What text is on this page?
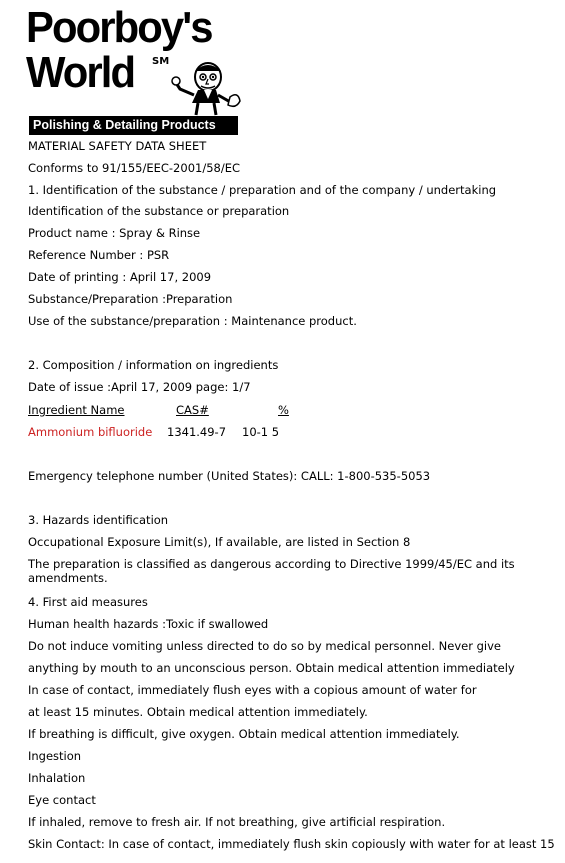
Poorboy's
World SM
Polishing & Detailing Products
MATERIAL SAFETY DATA SHEET
Conforms to 91/155/EEC-2001/58/EC
1. Identification of the substance / preparation and of the company / undertaking
Identification of the substance or preparation
Product name : Spray & Rinse
Reference Number : PSR
Date of printing : April 17, 2009
Substance/Preparation :Preparation
Use of the substance/preparation : Maintenance product.
2. Composition / information on ingredients
Date of issue :April 17, 2009 page: 1/7
Ingredient Name	CAS#	%
Ammonium bifluoride 1341.49-7 10-1 5
Emergency telephone number (United States): CALL: 1-800-535-5053
3. Hazards identification
Occupational Exposure Limit(s), If available, are listed in Section 8
The preparation is classified as dangerous according to Directive 1999/45/EC and its amendments.
4. First aid measures
Human health hazards :Toxic if swallowed
Do not induce vomiting unless directed to do so by medical personnel. Never give
anything by mouth to an unconscious person. Obtain medical attention immediately
In case of contact, immediately flush eyes with a copious amount of water for
at least 15 minutes. Obtain medical attention immediately.
If breathing is difficult, give oxygen. Obtain medical attention immediately.
Ingestion
Inhalation
Eye contact
If inhaled, remove to fresh air. If not breathing, give artificial respiration.
Skin Contact: In case of contact, immediately flush skin copiously with water for at least 15
